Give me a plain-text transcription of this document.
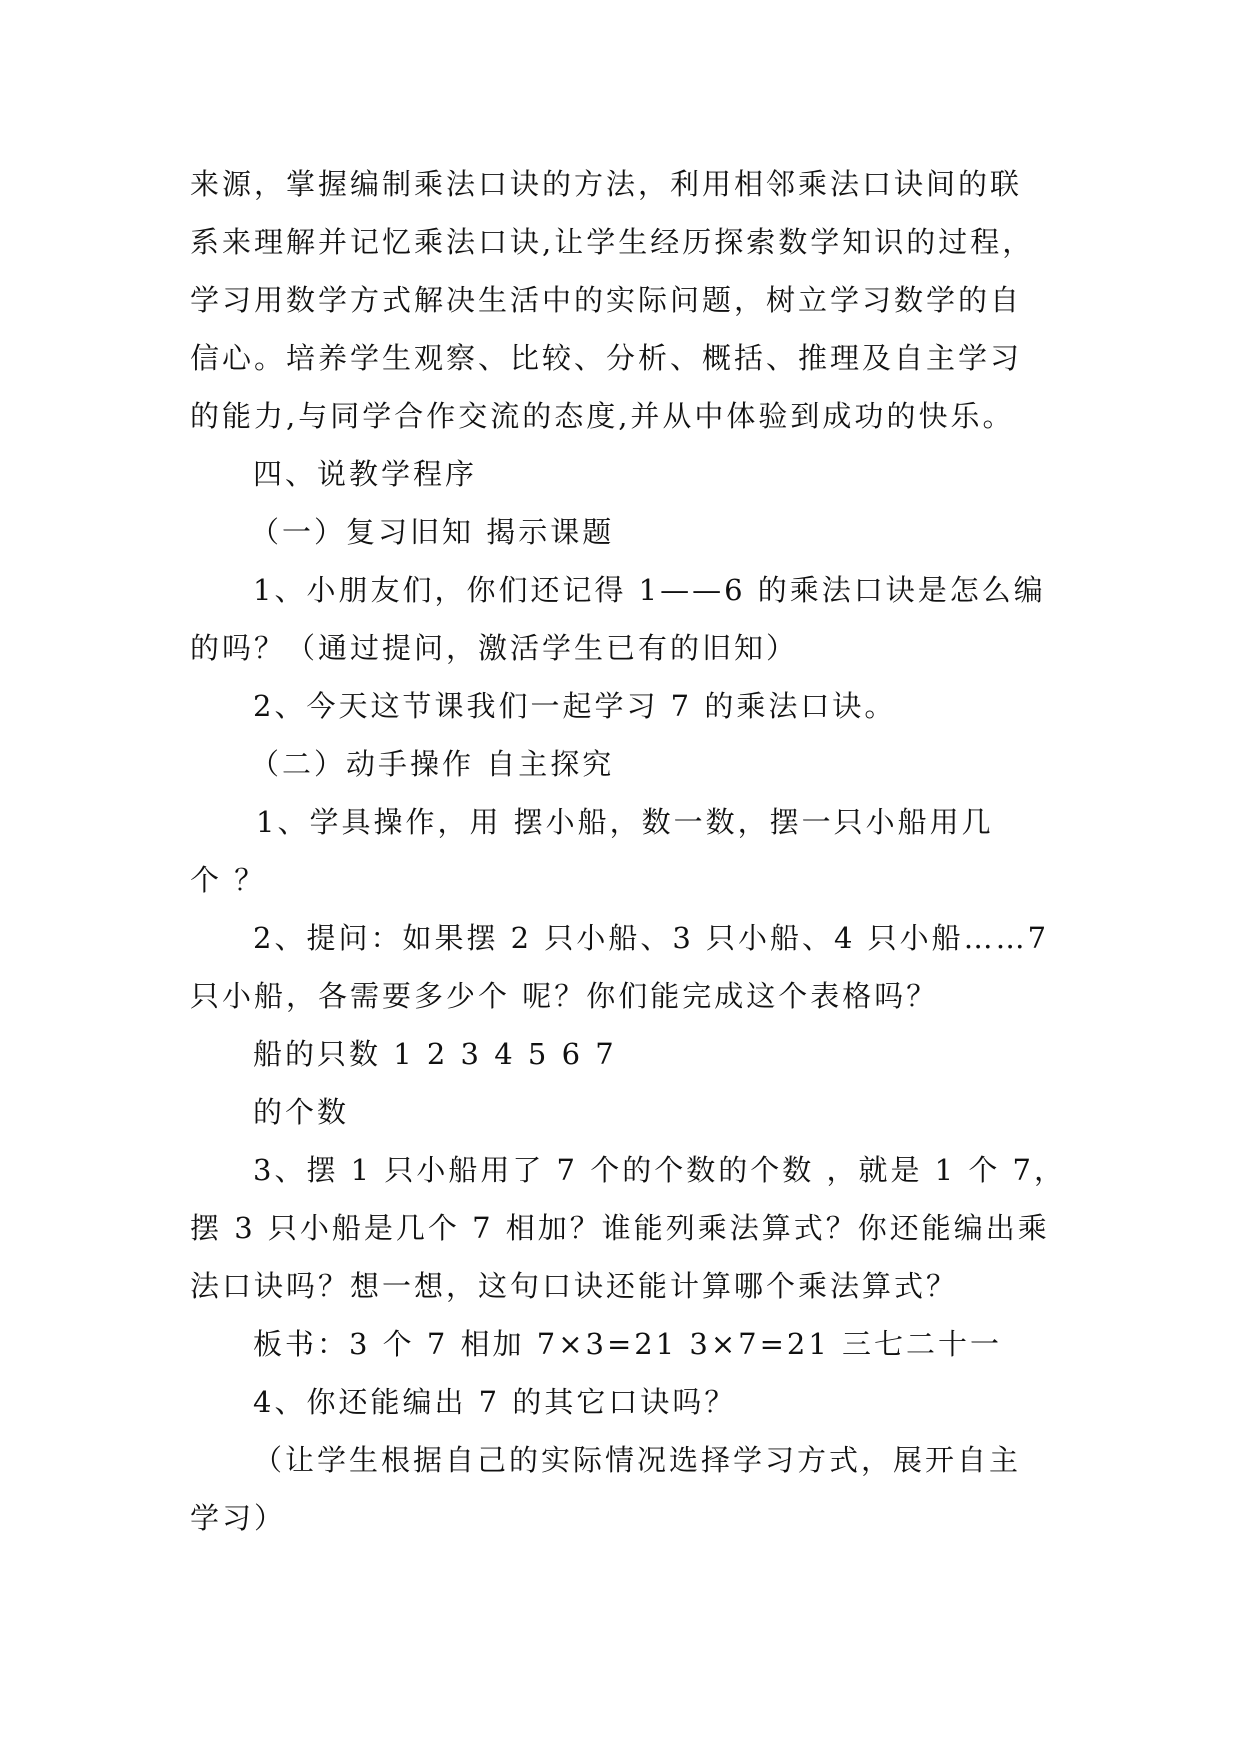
来源，掌握编制乘法口诀的方法，利用相邻乘法口诀间的联

系来理解并记忆乘法口诀,让学生经历探索数学知识的过程，

学习用数学方式解决生活中的实际问题，树立学习数学的自

信心。培养学生观察、比较、分析、概括、推理及自主学习

的能力,与同学合作交流的态度,并从中体验到成功的快乐。

四、说教学程序

（一）复习旧知 揭示课题

1、小朋友们，你们还记得 1——6 的乘法口诀是怎么编

的吗？（通过提问，激活学生已有的旧知）

2、今天这节课我们一起学习 7 的乘法口诀。

（二）动手操作 自主探究

1、学具操作，用 摆小船，数一数，摆一只小船用几

个 ？

2、提问：如果摆 2 只小船、3 只小船、4 只小船……7

只小船，各需要多少个 呢？你们能完成这个表格吗？

船的只数 1 2 3 4 5 6 7

的个数

3、摆 1 只小船用了 7 个的个数的个数 ，就是 1 个 7，

摆 3 只小船是几个 7 相加？谁能列乘法算式？你还能编出乘

法口诀吗？想一想，这句口诀还能计算哪个乘法算式？

板书：3 个 7 相加 7×3=21 3×7=21 三七二十一

4、你还能编出 7 的其它口诀吗？

（让学生根据自己的实际情况选择学习方式，展开自主

学习）
